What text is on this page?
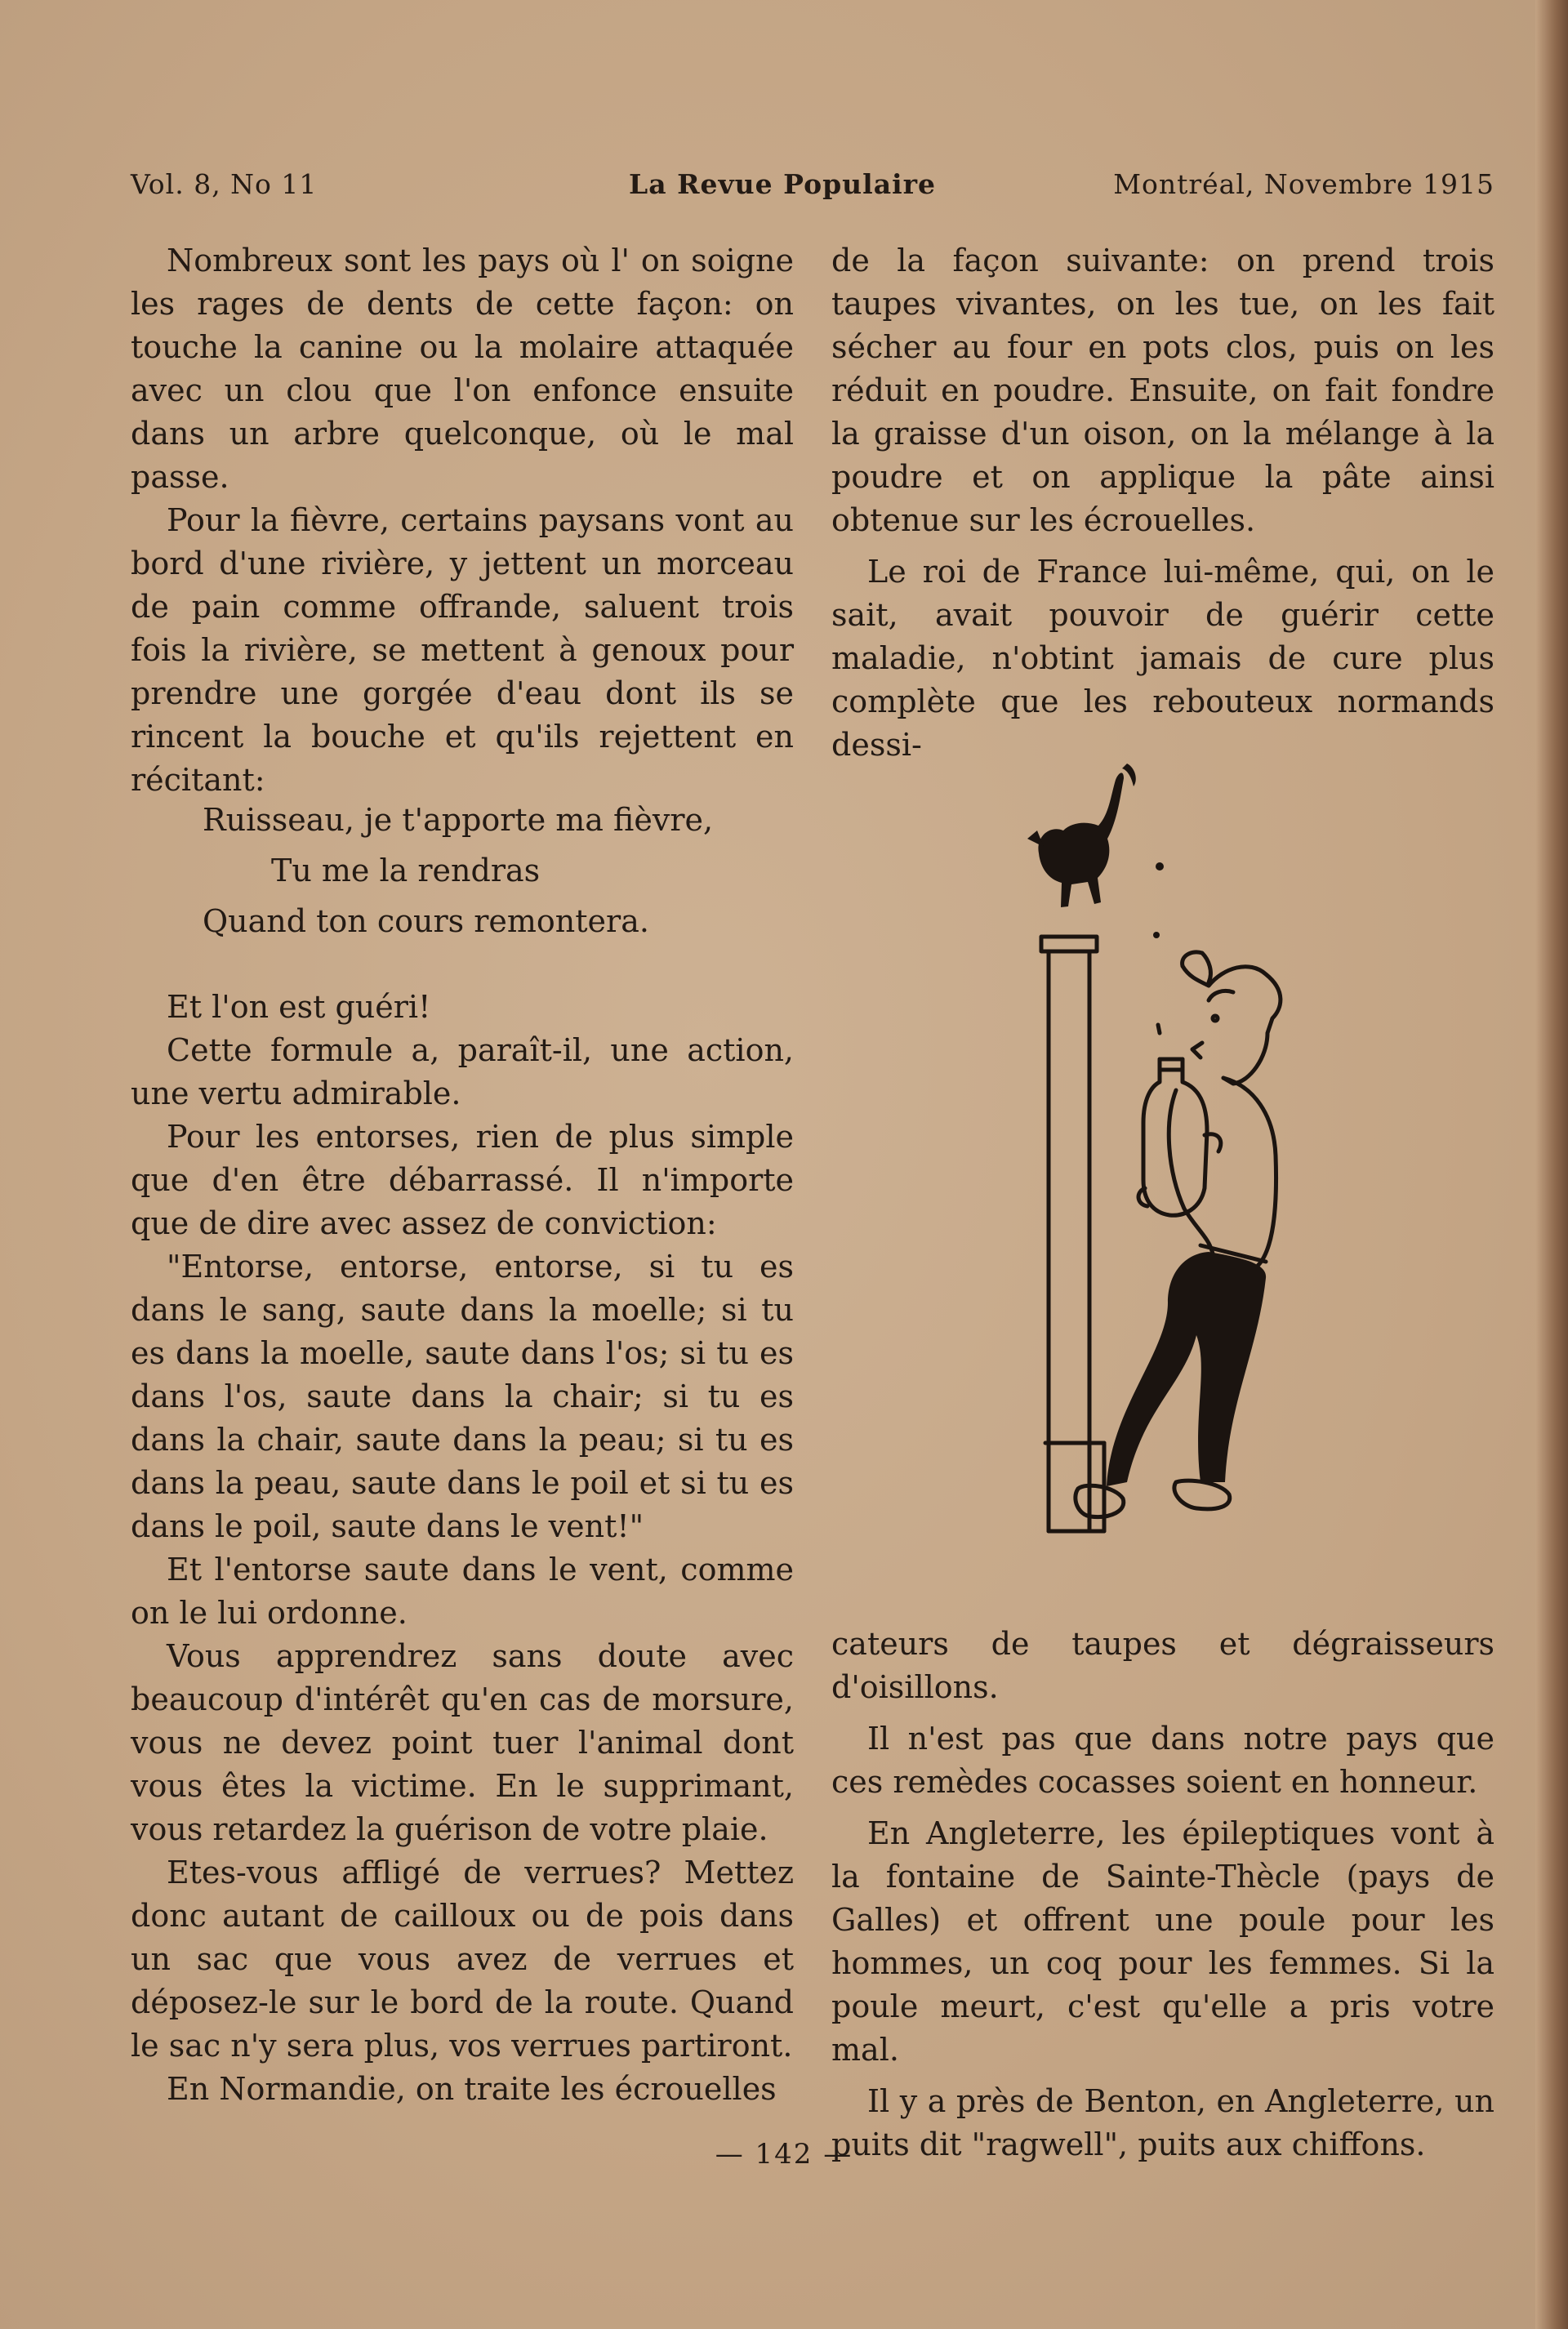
Vol. 8, No 11	La Revue Populaire	Montréal, Novembre 1915

Nombreux sont les pays où l' on soigne les rages de dents de cette façon: on touche la canine ou la molaire attaquée avec un clou que l'on enfonce ensuite dans un arbre quelconque, où le mal passe.

Pour la fièvre, certains paysans vont au bord d'une rivière, y jettent un morceau de pain comme offrande, saluent trois fois la rivière, se mettent à genoux pour prendre une gorgée d'eau dont ils se rincent la bouche et qu'ils rejettent en récitant:

Ruisseau, je t'apporte ma fièvre,
Tu me la rendras
Quand ton cours remontera.

Et l'on est guéri!

Cette formule a, paraît-il, une action, une vertu admirable.

Pour les entorses, rien de plus simple que d'en être débarrassé. Il n'importe que de dire avec assez de conviction:

"Entorse, entorse, entorse, si tu es dans le sang, saute dans la moelle; si tu es dans la moelle, saute dans l'os; si tu es dans l'os, saute dans la chair; si tu es dans la chair, saute dans la peau; si tu es dans la peau, saute dans le poil et si tu es dans le poil, saute dans le vent!"

Et l'entorse saute dans le vent, comme on le lui ordonne.

Vous apprendrez sans doute avec beaucoup d'intérêt qu'en cas de morsure, vous ne devez point tuer l'animal dont vous êtes la victime. En le supprimant, vous retardez la guérison de votre plaie.

Etes-vous affligé de verrues? Mettez donc autant de cailloux ou de pois dans un sac que vous avez de verrues et déposez-le sur le bord de la route. Quand le sac n'y sera plus, vos verrues partiront.

En Normandie, on traite les écrouelles

de la façon suivante: on prend trois taupes vivantes, on les tue, on les fait sécher au four en pots clos, puis on les réduit en poudre. Ensuite, on fait fondre la graisse d'un oison, on la mélange à la poudre et on applique la pâte ainsi obtenue sur les écrouelles.

Le roi de France lui-même, qui, on le sait, avait pouvoir de guérir cette maladie, n'obtint jamais de cure plus complète que les rebouteux normands dessi-

cateurs de taupes et dégraisseurs d'oisillons.

Il n'est pas que dans notre pays que ces remèdes cocasses soient en honneur.

En Angleterre, les épileptiques vont à la fontaine de Sainte-Thècle (pays de Galles) et offrent une poule pour les hommes, un coq pour les femmes. Si la poule meurt, c'est qu'elle a pris votre mal.

Il y a près de Benton, en Angleterre, un puits dit "ragwell", puits aux chiffons.

— 142 —
